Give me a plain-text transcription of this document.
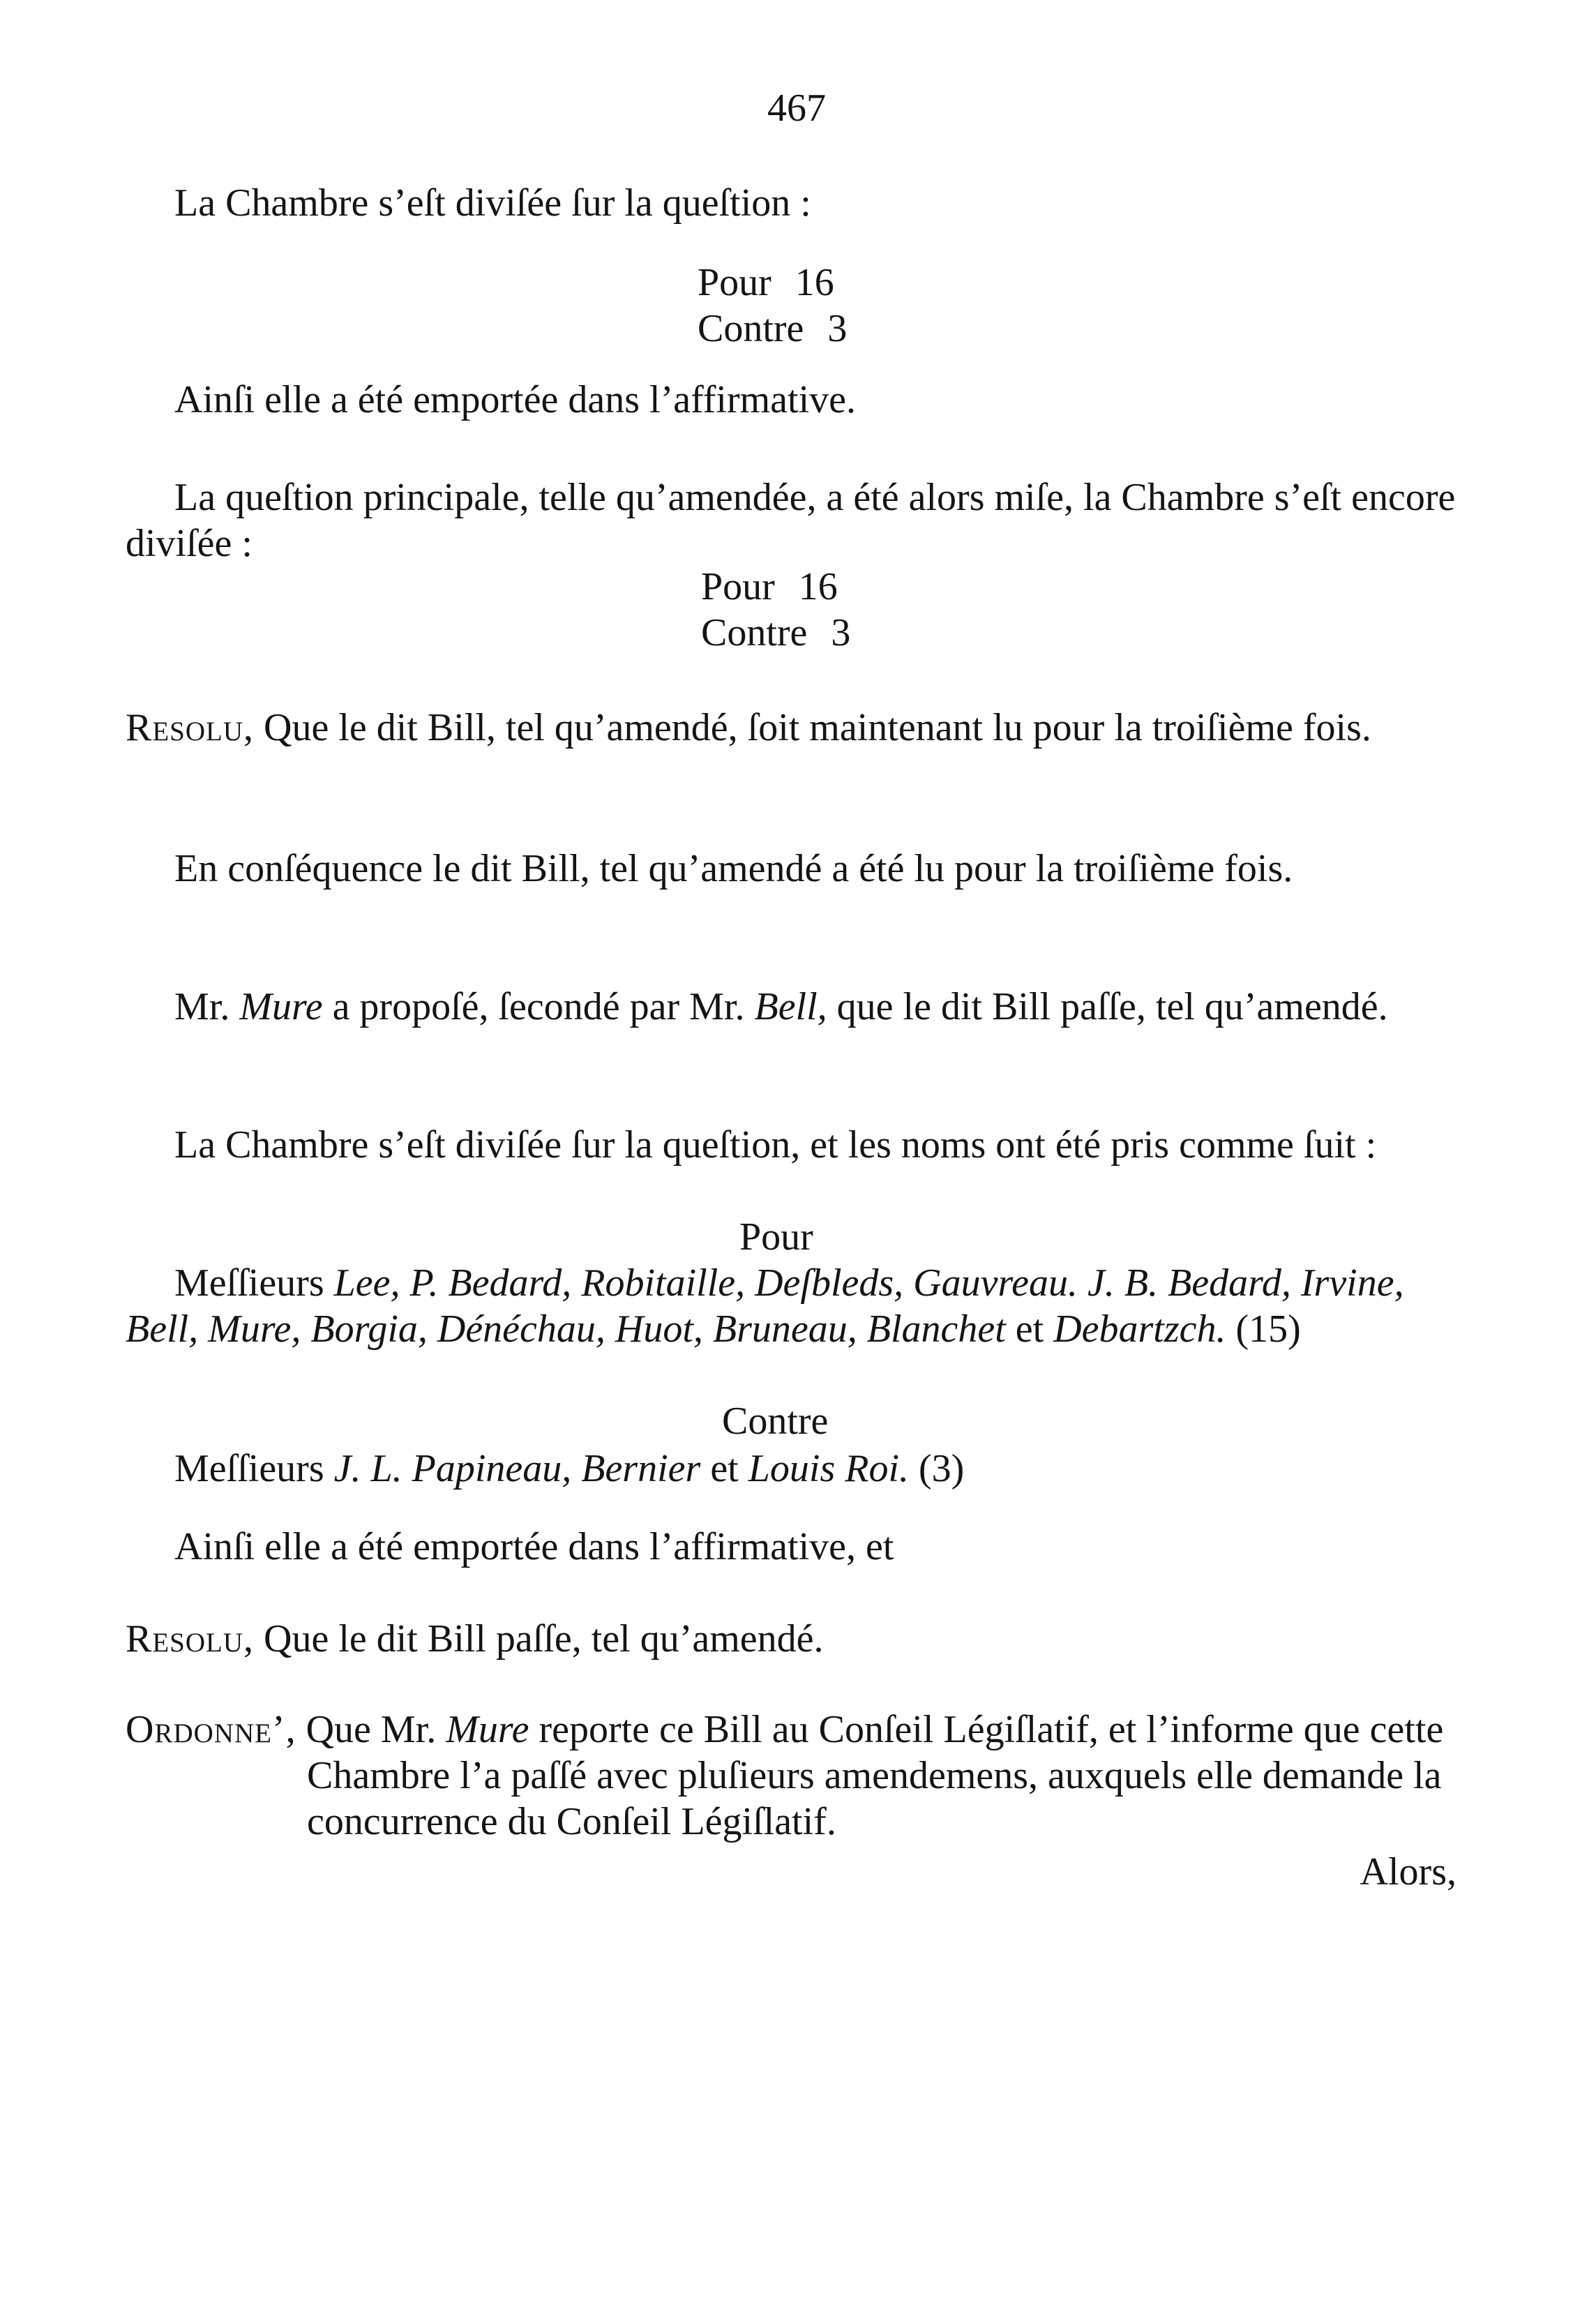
467

La Chambre s’eſt diviſée ſur la queſtion :

Pour 16
Contre 3

Ainſi elle a été emportée dans l’affirmative.

La queſtion principale, telle qu’amendée, a été alors miſe, la Chambre s’eſt encore diviſée :

Pour 16
Contre 3

Resolu, Que le dit Bill, tel qu’amendé, ſoit maintenant lu pour la troiſième fois.

En conſéquence le dit Bill, tel qu’amendé a été lu pour la troiſième fois.

Mr. Mure a propoſé, ſecondé par Mr. Bell, que le dit Bill paſſe, tel qu’amendé.

La Chambre s’eſt diviſée ſur la queſtion, et les noms ont été pris comme ſuit :

Pour

Meſſieurs Lee, P. Bedard, Robitaille, Deſbleds, Gauvreau. J. B. Bedard, Irvine, Bell, Mure, Borgia, Dénéchau, Huot, Bruneau, Blanchet et Debartzch. (15)

Contre

Meſſieurs J. L. Papineau, Bernier et Louis Roi. (3)

Ainſi elle a été emportée dans l’affirmative, et

Resolu, Que le dit Bill paſſe, tel qu’amendé.

Ordonne’, Que Mr. Mure reporte ce Bill au Conſeil Légiſlatif, et l’informe que cette Chambre l’a paſſé avec pluſieurs amendemens, auxquels elle demande la concurrence du Conſeil Légiſlatif.

Alors,
